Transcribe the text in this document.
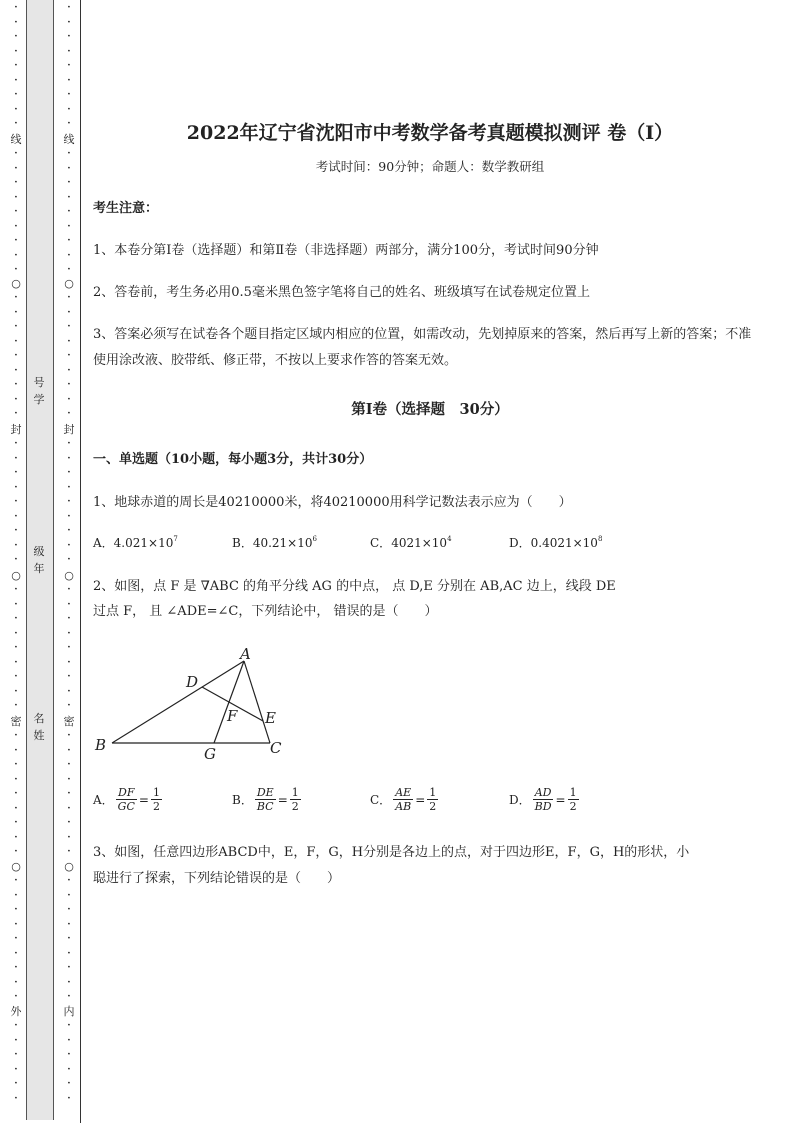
·
·
·
·
·
·
·
·
·
线
·
·
·
·
·
·
·
·
·
○
·
·
·
·
·
·
·
·
·
封
·
·
·
·
·
·
·
·
·
○
·
·
·
·
·
·
·
·
·
密
·
·
·
·
·
·
·
·
·
○
·
·
·
·
·
·
·
·
·
外
·
·
·
·
·
·
号
学
级
年
名
姓
·
·
·
·
·
·
·
·
·
线
·
·
·
·
·
·
·
·
·
○
·
·
·
·
·
·
·
·
·
封
·
·
·
·
·
·
·
·
·
○
·
·
·
·
·
·
·
·
·
密
·
·
·
·
·
·
·
·
·
○
·
·
·
·
·
·
·
·
·
内
·
·
·
·
·
·
2022年辽宁省沈阳市中考数学备考真题模拟测评 卷（Ⅰ）
考试时间：90分钟；命题人：数学教研组
考生注意：
1、本卷分第I卷（选择题）和第Ⅱ卷（非选择题）两部分，满分100分，考试时间90分钟
2、答卷前，考生务必用0.5毫米黑色签字笔将自己的姓名、班级填写在试卷规定位置上
3、答案必须写在试卷各个题目指定区域内相应的位置，如需改动，先划掉原来的答案，然后再写上新的答案；不准使用涂改液、胶带纸、修正带，不按以上要求作答的答案无效。
第I卷（选择题　30分）
一、单选题（10小题，每小题3分，共计30分）
1、地球赤道的周长是40210000米，将40210000用科学记数法表示应为（　　）
A．$4.021\times 10^7$	B．$40.21\times 10^6$	C．$4021\times 10^4$	D．$0.4021\times 10^8$
2、如图，点 F 是 ∇ABC 的角平分线 AG 的中点， 点 D,E 分别在 AB,AC 边上，线段 DE
过点 F， 且 ∠ADE=∠C，下列结论中， 错误的是（　　）
A
B	C
D
E
F
G
A． $\frac{DF}{GC} = \frac{1}{2}$	B． $\frac{DE}{BC} = \frac{1}{2}$	C． $\frac{AE}{AB} = \frac{1}{2}$	D． $\frac{AD}{BD} = \frac{1}{2}$
3、如图，任意四边形ABCD中，E，F，G，H分别是各边上的点，对于四边形E，F，G，H的形状，小
聪进行了探索，下列结论错误的是（　　）
